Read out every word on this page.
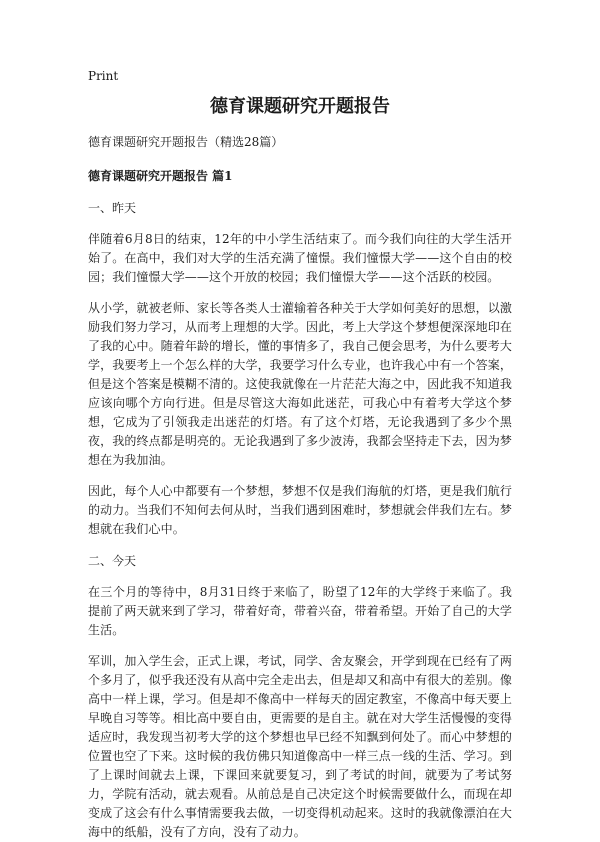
Print
德育课题研究开题报告
德育课题研究开题报告（精选28篇）
德育课题研究开题报告 篇1
一、昨天

伴随着6月8日的结束，12年的中小学生活结束了。而今我们向往的大学生活开始了。在高中，我们对大学的生活充满了憧憬。我们憧憬大学——这个自由的校园；我们憧憬大学——这个开放的校园；我们憧憬大学——这个活跃的校园。

从小学，就被老师、家长等各类人士灌输着各种关于大学如何美好的思想，以激励我们努力学习，从而考上理想的大学。因此，考上大学这个梦想便深深地印在了我的心中。随着年龄的增长，懂的事情多了，我自己便会思考，为什么要考大学，我要考上一个怎么样的大学，我要学习什么专业，也许我心中有一个答案，但是这个答案是模糊不清的。这使我就像在一片茫茫大海之中，因此我不知道我应该向哪个方向行进。但是尽管这大海如此迷茫，可我心中有着考大学这个梦想，它成为了引领我走出迷茫的灯塔。有了这个灯塔，无论我遇到了多少个黑夜，我的终点都是明亮的。无论我遇到了多少波涛，我都会坚持走下去，因为梦想在为我加油。

因此，每个人心中都要有一个梦想，梦想不仅是我们海航的灯塔，更是我们航行的动力。当我们不知何去何从时，当我们遇到困难时，梦想就会伴我们左右。梦想就在我们心中。

二、今天

在三个月的等待中，8月31日终于来临了，盼望了12年的大学终于来临了。我提前了两天就来到了学习，带着好奇，带着兴奋，带着希望。开始了自己的大学生活。

军训，加入学生会，正式上课，考试，同学、舍友聚会，开学到现在已经有了两个多月了，似乎我还没有从高中完全走出去，但是却又和高中有很大的差别。像高中一样上课，学习。但是却不像高中一样每天的固定教室，不像高中每天要上早晚自习等等。相比高中要自由，更需要的是自主。就在对大学生活慢慢的变得适应时，我发现当初考大学的这个梦想也早已经不知飘到何处了。而心中梦想的位置也空了下来。这时候的我仿佛只知道像高中一样三点一线的生活、学习。到了上课时间就去上课，下课回来就要复习，到了考试的时间，就要为了考试努力，学院有活动，就去观看。从前总是自己决定这个时候需要做什么，而现在却变成了这会有什么事情需要我去做，一切变得机动起来。这时的我就像漂泊在大海中的纸船，没有了方向，没有了动力。
